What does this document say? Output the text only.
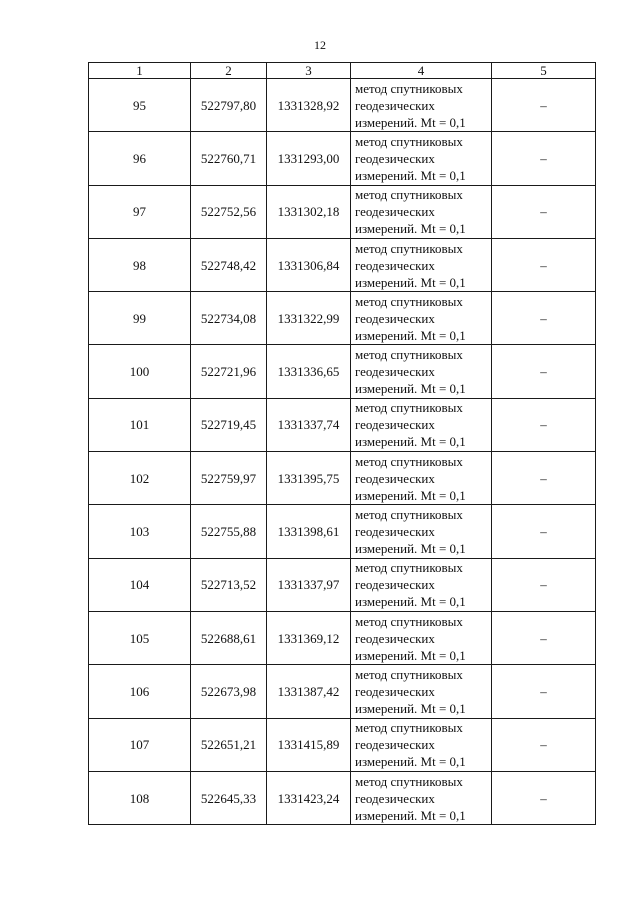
12
1	2	3	4	5
95	522797,80	1331328,92	метод спутниковых геодезических измерений. Mt = 0,1	–
96	522760,71	1331293,00	метод спутниковых геодезических измерений. Mt = 0,1	–
97	522752,56	1331302,18	метод спутниковых геодезических измерений. Mt = 0,1	–
98	522748,42	1331306,84	метод спутниковых геодезических измерений. Mt = 0,1	–
99	522734,08	1331322,99	метод спутниковых геодезических измерений. Mt = 0,1	–
100	522721,96	1331336,65	метод спутниковых геодезических измерений. Mt = 0,1	–
101	522719,45	1331337,74	метод спутниковых геодезических измерений. Mt = 0,1	–
102	522759,97	1331395,75	метод спутниковых геодезических измерений. Mt = 0,1	–
103	522755,88	1331398,61	метод спутниковых геодезических измерений. Mt = 0,1	–
104	522713,52	1331337,97	метод спутниковых геодезических измерений. Mt = 0,1	–
105	522688,61	1331369,12	метод спутниковых геодезических измерений. Mt = 0,1	–
106	522673,98	1331387,42	метод спутниковых геодезических измерений. Mt = 0,1	–
107	522651,21	1331415,89	метод спутниковых геодезических измерений. Mt = 0,1	–
108	522645,33	1331423,24	метод спутниковых геодезических измерений. Mt = 0,1	–
